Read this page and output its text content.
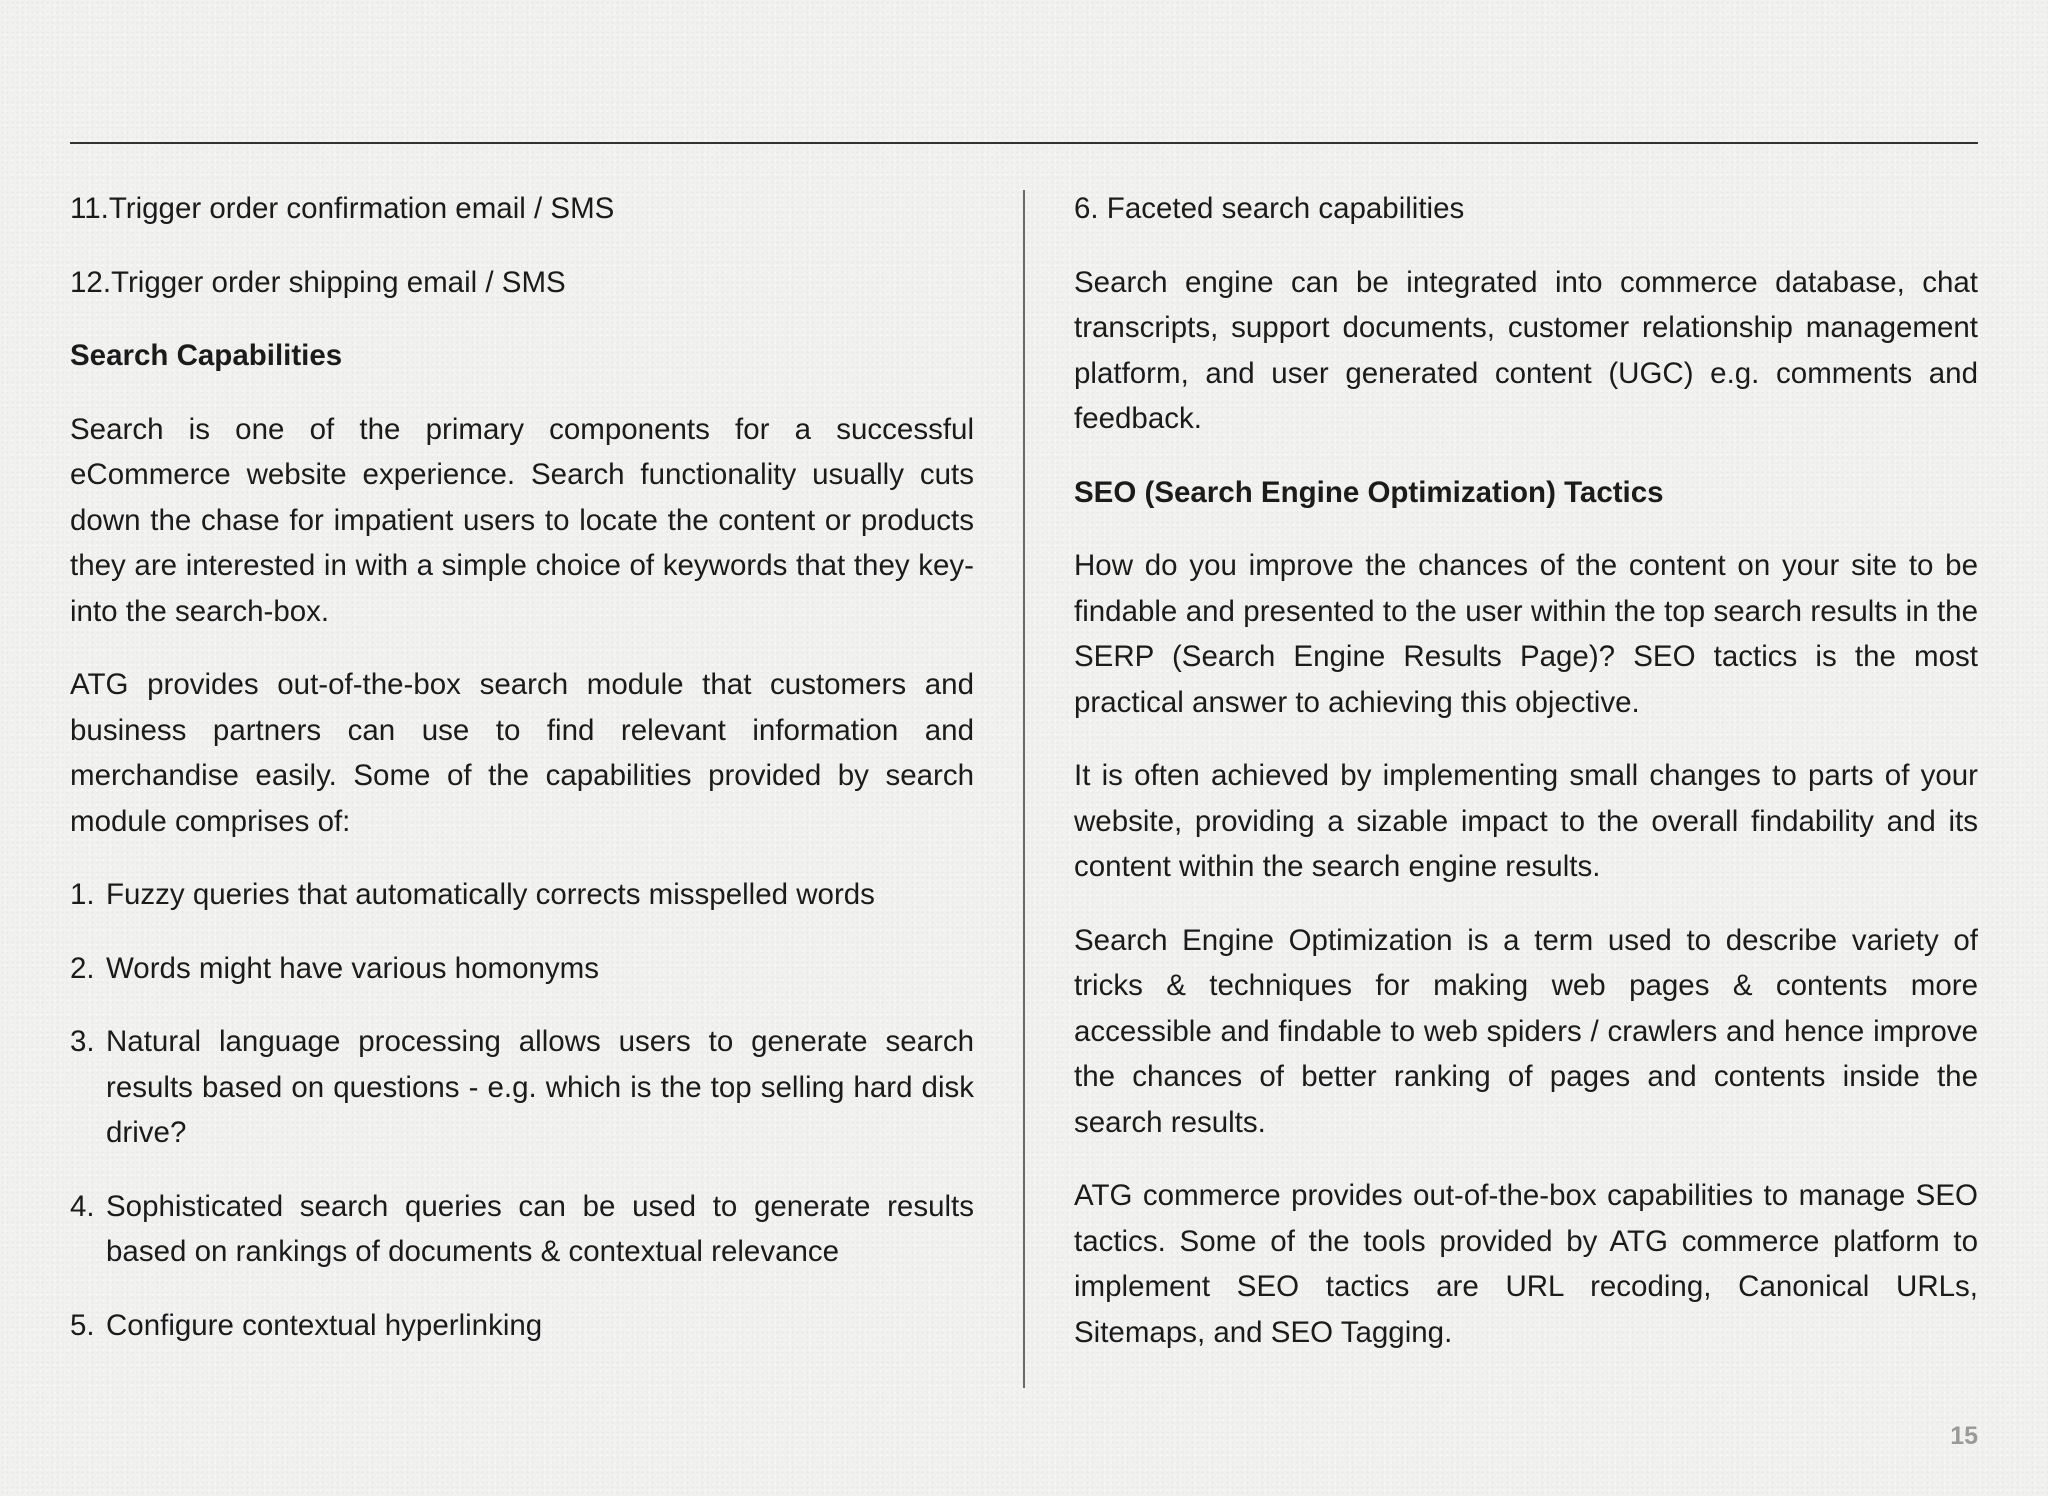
11. Trigger order confirmation email / SMS
12. Trigger order shipping email / SMS

Search Capabilities

Search is one of the primary components for a successful eCommerce website experience. Search functionality usually cuts down the chase for impatient users to locate the content or products they are interested in with a simple choice of keywords that they key-into the search-box.

ATG provides out-of-the-box search module that customers and business partners can use to find relevant information and merchandise easily. Some of the capabilities provided by search module comprises of:

1. Fuzzy queries that automatically corrects misspelled words
2. Words might have various homonyms
3. Natural language processing allows users to generate search results based on questions - e.g. which is the top selling hard disk drive?
4. Sophisticated search queries can be used to generate results based on rankings of documents & contextual relevance
5. Configure contextual hyperlinking

6. Faceted search capabilities

Search engine can be integrated into commerce database, chat transcripts, support documents, customer relationship management platform, and user generated content (UGC) e.g. comments and feedback.

SEO (Search Engine Optimization) Tactics

How do you improve the chances of the content on your site to be findable and presented to the user within the top search results in the SERP (Search Engine Results Page)? SEO tactics is the most practical answer to achieving this objective.

It is often achieved by implementing small changes to parts of your website, providing a sizable impact to the overall findability and its content within the search engine results.

Search Engine Optimization is a term used to describe variety of tricks & techniques for making web pages & contents more accessible and findable to web spiders / crawlers and hence improve the chances of better ranking of pages and contents inside the search results.

ATG commerce provides out-of-the-box capabilities to manage SEO tactics. Some of the tools provided by ATG commerce platform to implement SEO tactics are URL recoding, Canonical URLs, Sitemaps, and SEO Tagging.

15
